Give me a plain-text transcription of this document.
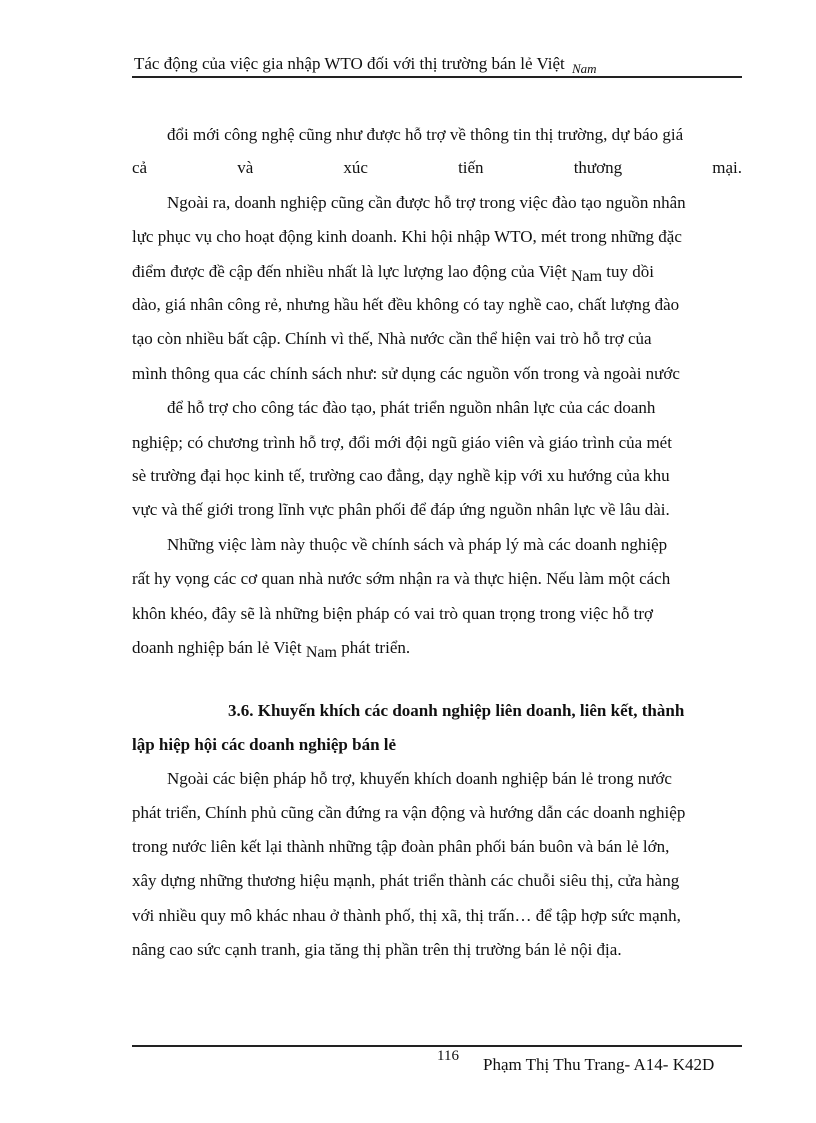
Tác động của việc gia nhập WTO đối với thị trường bán lẻ Việt $_{Nam}$
đổi mới công nghệ cũng như được hỗ trợ về thông tin thị trường, dự báo giá
cả	và	xúc	tiến	thương	mại.
Ngoài ra, doanh nghiệp cũng cần được hỗ trợ trong việc đào tạo nguồn nhân
lực phục vụ cho hoạt động kinh doanh. Khi hội nhập WTO, mét trong những đặc
điểm được đề cập đến nhiều nhất là lực lượng lao động của Việt Nam tuy dồi
dào, giá nhân công rẻ, nhưng hầu hết đều không có tay nghề cao, chất lượng đào
tạo còn nhiều bất cập. Chính vì thế, Nhà nước cần thể hiện vai trò hỗ trợ của
mình thông qua các chính sách như: sử dụng các nguồn vốn trong và ngoài nước
để hỗ trợ cho công tác đào tạo, phát triển nguồn nhân lực của các doanh
nghiệp; có chương trình hỗ trợ, đổi mới đội ngũ giáo viên và giáo trình của mét
sè trường đại học kinh tế, trường cao đẳng, dạy nghề kịp với xu hướng của khu
vực và thế giới trong lĩnh vực phân phối để đáp ứng nguồn nhân lực về lâu dài.
Những việc làm này thuộc về chính sách và pháp lý mà các doanh nghiệp
rất hy vọng các cơ quan nhà nước sớm nhận ra và thực hiện. Nếu làm một cách
khôn khéo, đây sẽ là những biện pháp có vai trò quan trọng trong việc hỗ trợ
doanh nghiệp bán lẻ Việt Nam phát triển.
3.6. Khuyến khích các doanh nghiệp liên doanh, liên kết, thành
lập hiệp hội các doanh nghiệp bán lẻ
Ngoài các biện pháp hỗ trợ, khuyến khích doanh nghiệp bán lẻ trong nước
phát triển, Chính phủ cũng cần đứng ra vận động và hướng dẫn các doanh nghiệp
trong nước liên kết lại thành những tập đoàn phân phối bán buôn và bán lẻ lớn,
xây dựng những thương hiệu mạnh, phát triển thành các chuỗi siêu thị, cửa hàng
với nhiều quy mô khác nhau ở thành phố, thị xã, thị trấn… để tập hợp sức mạnh,
nâng cao sức cạnh tranh, gia tăng thị phần trên thị trường bán lẻ nội địa.
116 Phạm Thị Thu Trang- A14- K42D
